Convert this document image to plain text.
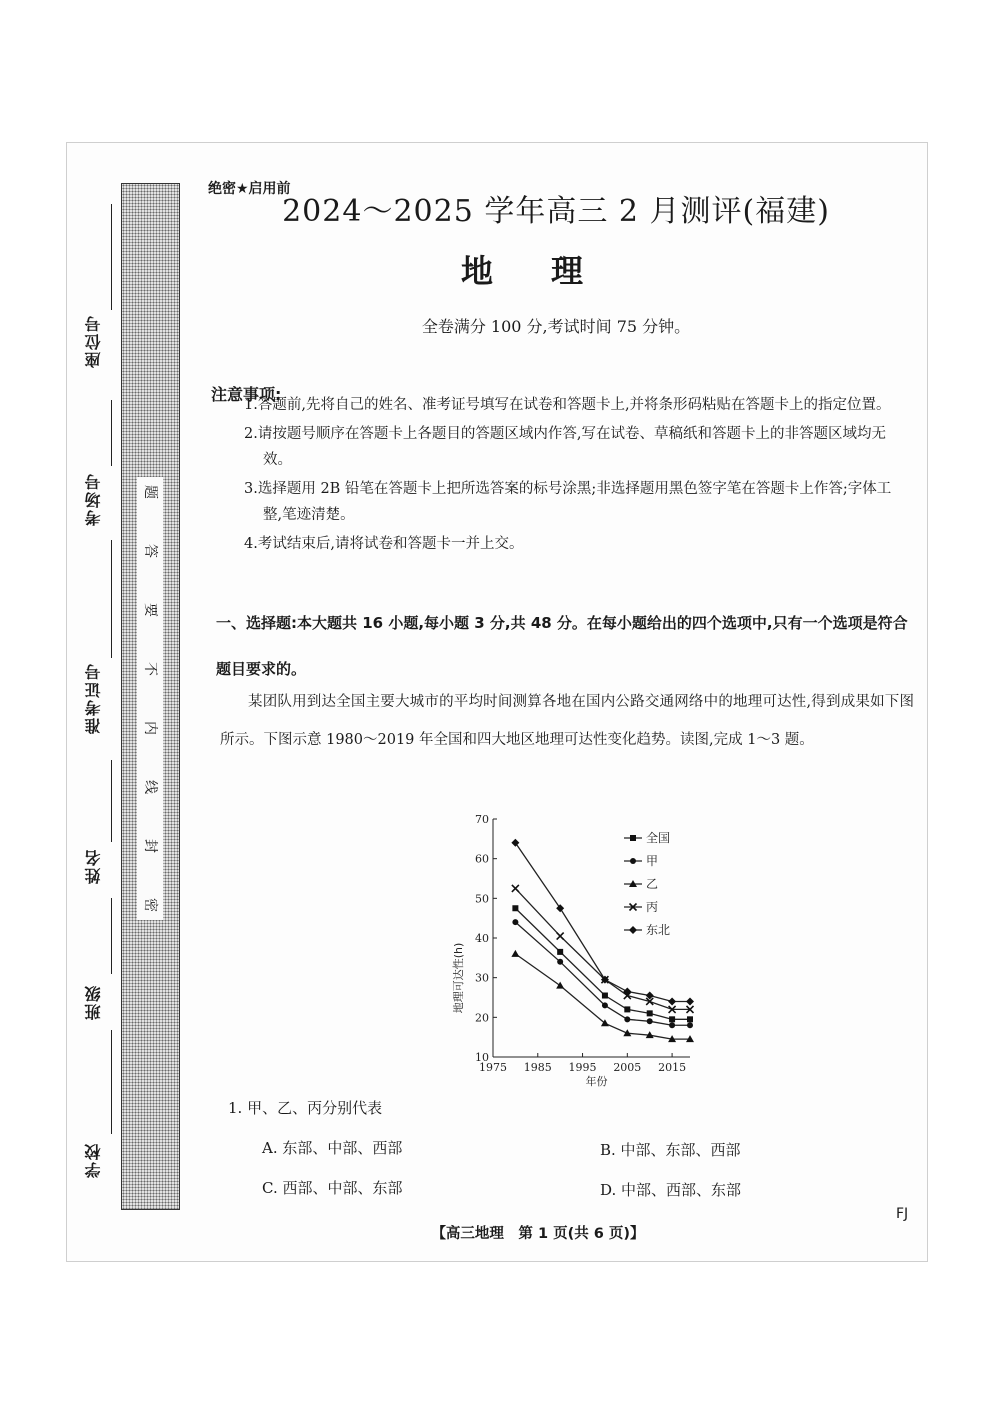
题
答
要
不
内
线
封
密
座位号
考场号
准考证号
姓名
班级
学校
绝密★启用前
2024～2025 学年高三 2 月测评(福建)
地理
全卷满分 100 分,考试时间 75 分钟。
注意事项:

1.答题前,先将自己的姓名、准考证号填写在试卷和答题卡上,并将条形码粘贴在答题卡上的指定位置。

2.请按题号顺序在答题卡上各题目的答题区域内作答,写在试卷、草稿纸和答题卡上的非答题区域均无效。

3.选择题用 2B 铅笔在答题卡上把所选答案的标号涂黑;非选择题用黑色签字笔在答题卡上作答;字体工整,笔迹清楚。

4.考试结束后,请将试卷和答题卡一并上交。

一、选择题:本大题共 16 小题,每小题 3 分,共 48 分。在每小题给出的四个选项中,只有一个选项是符合题目要求的。
某团队用到达全国主要大城市的平均时间测算各地在国内公路交通网络中的地理可达性,得到成果如下图所示。下图示意 1980～2019 年全国和四大地区地理可达性变化趋势。读图,完成 1～3 题。
10
20
30
40
50
60
70
1975 1985 1995 2005 2015
年份
地理可达性(h)
全国
甲
乙
丙
东北
1. 甲、乙、丙分别代表
A. 东部、中部、西部	B. 中部、东部、西部
C. 西部、中部、东部	D. 中部、西部、东部
【高三地理　第 1 页(共 6 页)】
FJ
